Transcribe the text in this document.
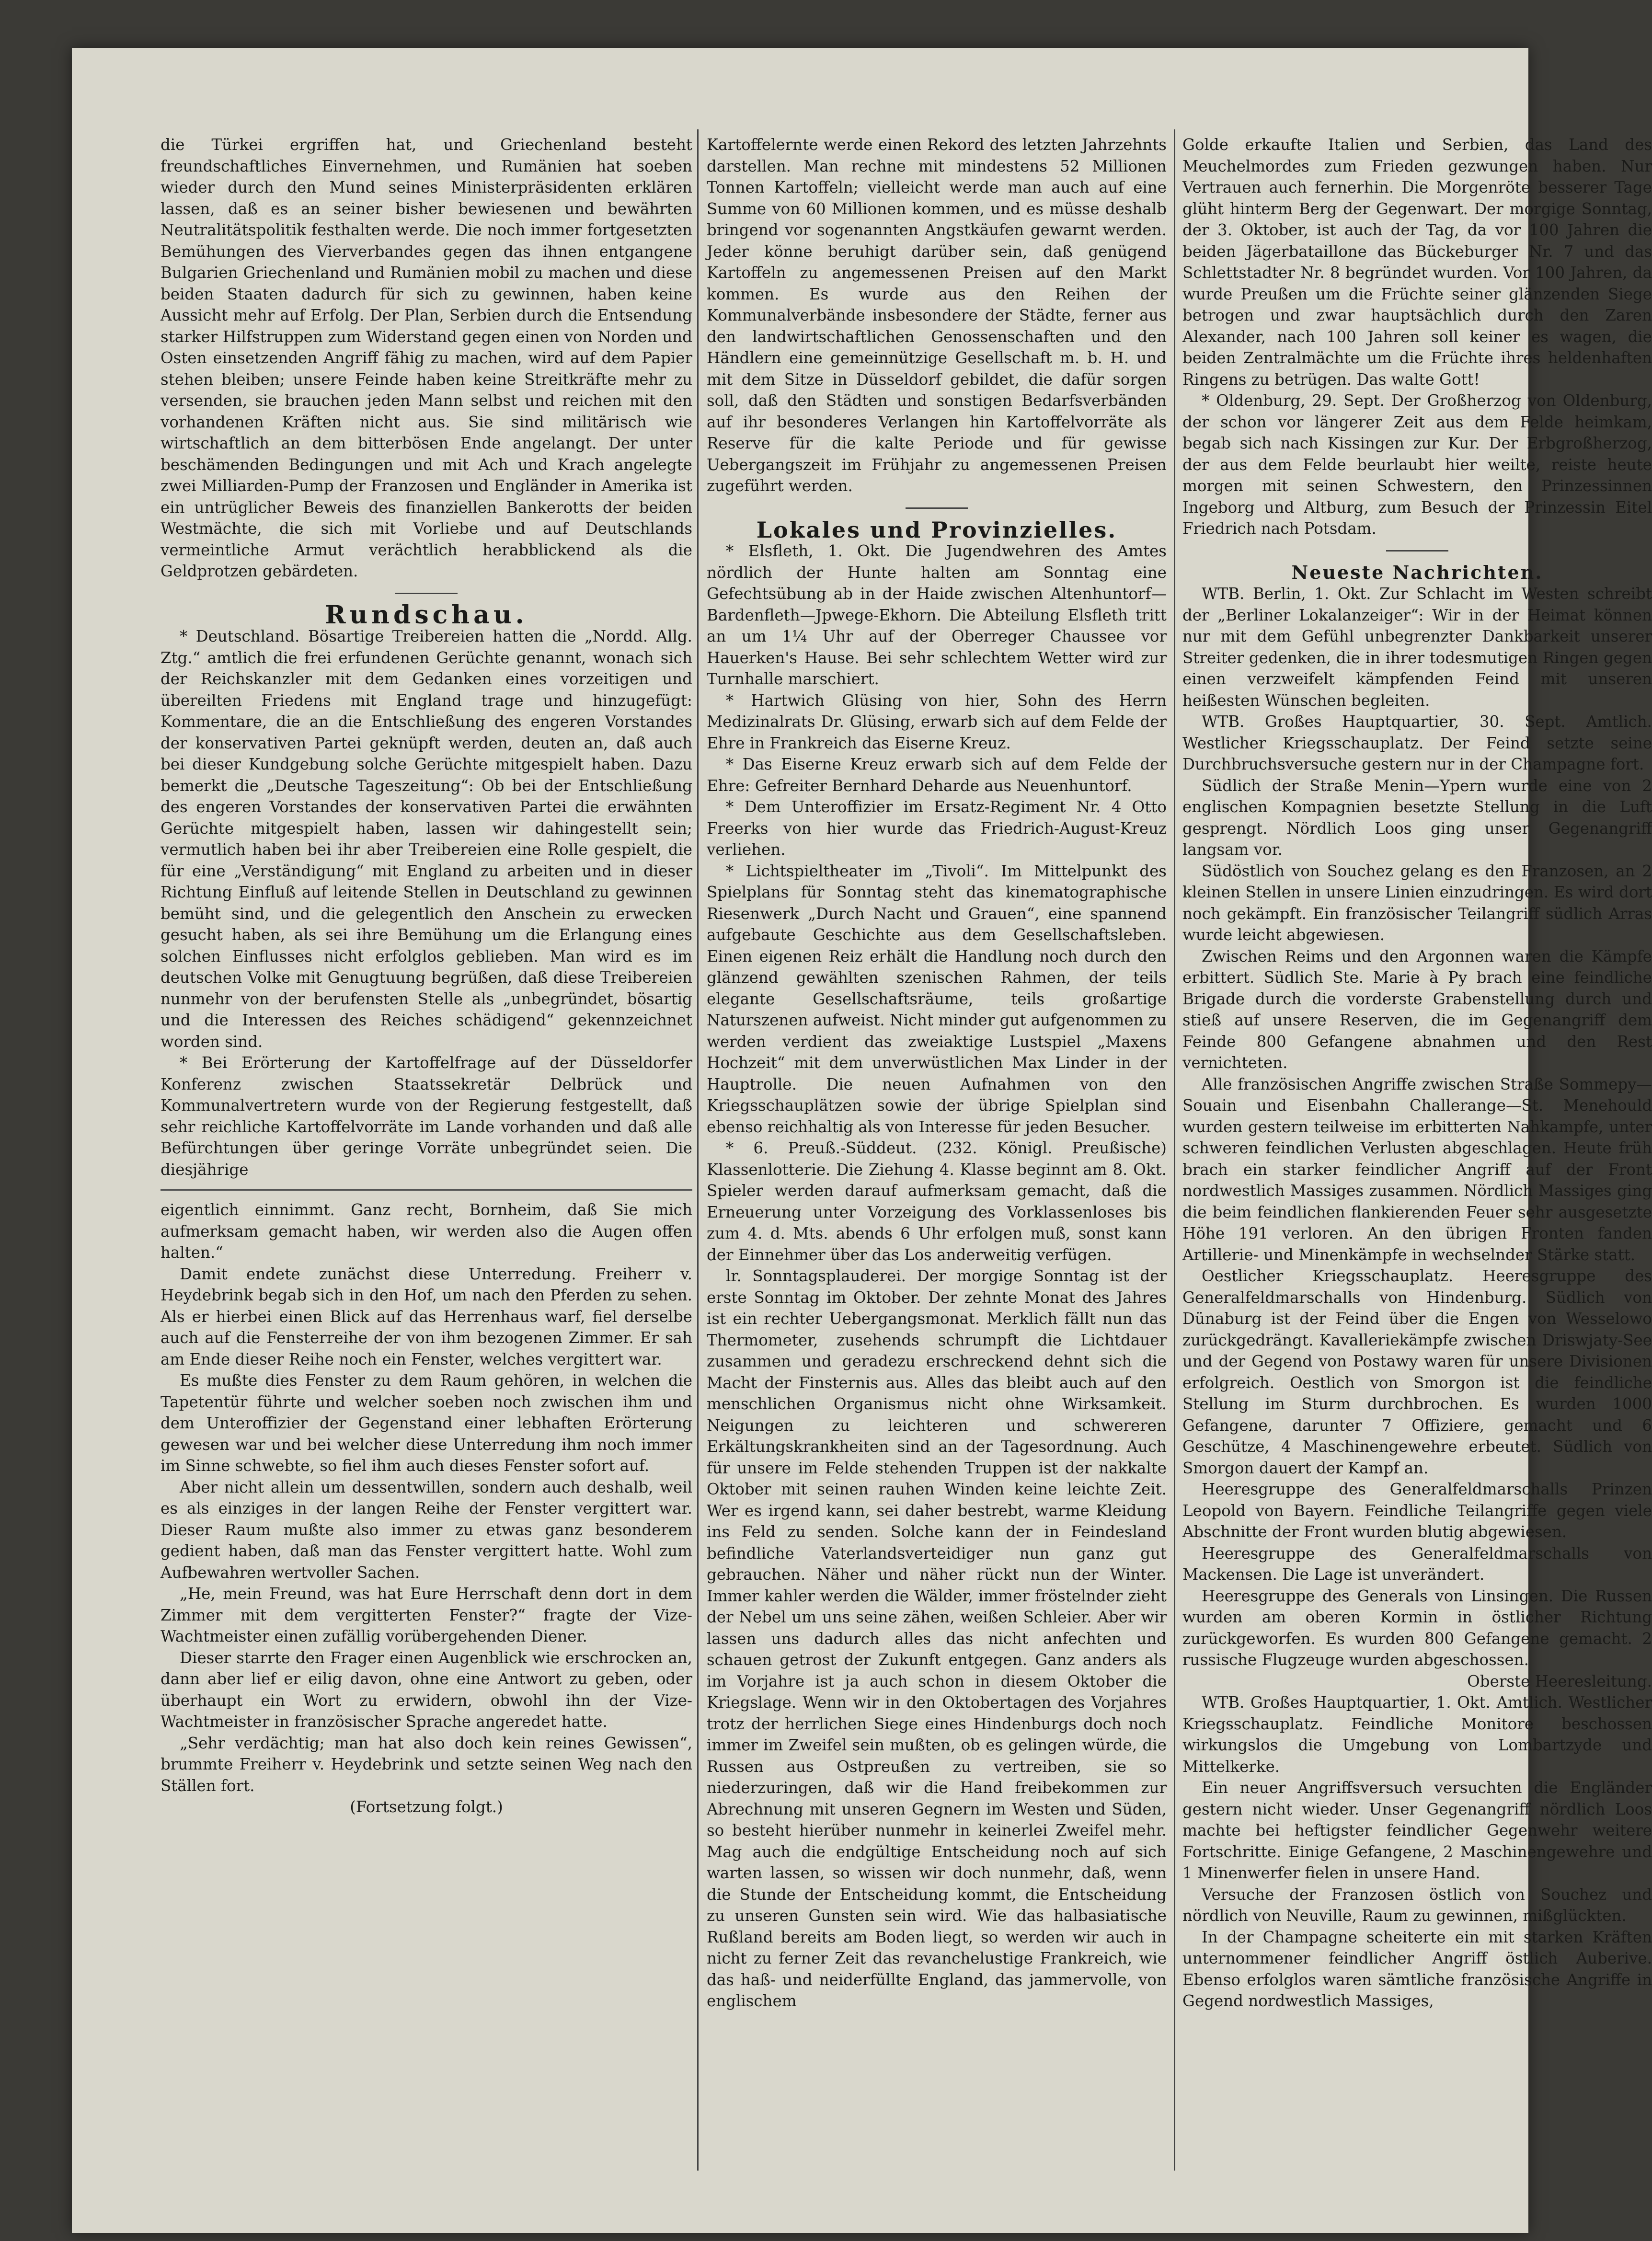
die Türkei ergriffen hat, und Griechenland besteht freundschaftliches Einvernehmen, und Rumänien hat soeben wieder durch den Mund seines Ministerpräsidenten erklären lassen, daß es an seiner bisher bewiesenen und bewährten Neutralitätspolitik festhalten werde. Die noch immer fortgesetzten Bemühungen des Vierverbandes gegen das ihnen entgangene Bulgarien Griechenland und Rumänien mobil zu machen und diese beiden Staaten dadurch für sich zu gewinnen, haben keine Aussicht mehr auf Erfolg. Der Plan, Serbien durch die Entsendung starker Hilfstruppen zum Widerstand gegen einen von Norden und Osten einsetzenden Angriff fähig zu machen, wird auf dem Papier stehen bleiben; unsere Feinde haben keine Streitkräfte mehr zu versenden, sie brauchen jeden Mann selbst und reichen mit den vorhandenen Kräften nicht aus. Sie sind militärisch wie wirtschaftlich an dem bitterbösen Ende angelangt. Der unter beschämenden Bedingungen und mit Ach und Krach angelegte zwei Milliarden-Pump der Franzosen und Engländer in Amerika ist ein untrüglicher Beweis des finanziellen Bankerotts der beiden Westmächte, die sich mit Vorliebe und auf Deutschlands vermeintliche Armut verächtlich herabblickend als die Geldprotzen gebärdeten.

Rundschau.

* Deutschland. Bösartige Treibereien hatten die „Nordd. Allg. Ztg.“ amtlich die frei erfundenen Gerüchte genannt, wonach sich der Reichskanzler mit dem Gedanken eines vorzeitigen und übereilten Friedens mit England trage und hinzugefügt: Kommentare, die an die Entschließung des engeren Vorstandes der konservativen Partei geknüpft werden, deuten an, daß auch bei dieser Kundgebung solche Gerüchte mitgespielt haben. Dazu bemerkt die „Deutsche Tageszeitung“: Ob bei der Entschließung des engeren Vorstandes der konservativen Partei die erwähnten Gerüchte mitgespielt haben, lassen wir dahingestellt sein; vermutlich haben bei ihr aber Treibereien eine Rolle gespielt, die für eine „Verständigung“ mit England zu arbeiten und in dieser Richtung Einfluß auf leitende Stellen in Deutschland zu gewinnen bemüht sind, und die gelegentlich den Anschein zu erwecken gesucht haben, als sei ihre Bemühung um die Erlangung eines solchen Einflusses nicht erfolglos geblieben. Man wird es im deutschen Volke mit Genugtuung begrüßen, daß diese Treibereien nunmehr von der berufensten Stelle als „unbegründet, bösartig und die Interessen des Reiches schädigend“ gekennzeichnet worden sind.

* Bei Erörterung der Kartoffelfrage auf der Düsseldorfer Konferenz zwischen Staatssekretär Delbrück und Kommunalvertretern wurde von der Regierung festgestellt, daß sehr reichliche Kartoffelvorräte im Lande vorhanden und daß alle Befürchtungen über geringe Vorräte unbegründet seien. Die diesjährige

eigentlich einnimmt. Ganz recht, Bornheim, daß Sie mich aufmerksam gemacht haben, wir werden also die Augen offen halten.“

Damit endete zunächst diese Unterredung. Freiherr v. Heydebrink begab sich in den Hof, um nach den Pferden zu sehen. Als er hierbei einen Blick auf das Herrenhaus warf, fiel derselbe auch auf die Fensterreihe der von ihm bezogenen Zimmer. Er sah am Ende dieser Reihe noch ein Fenster, welches vergittert war.

Es mußte dies Fenster zu dem Raum gehören, in welchen die Tapetentür führte und welcher soeben noch zwischen ihm und dem Unteroffizier der Gegenstand einer lebhaften Erörterung gewesen war und bei welcher diese Unterredung ihm noch immer im Sinne schwebte, so fiel ihm auch dieses Fenster sofort auf.

Aber nicht allein um dessentwillen, sondern auch deshalb, weil es als einziges in der langen Reihe der Fenster vergittert war. Dieser Raum mußte also immer zu etwas ganz besonderem gedient haben, daß man das Fenster vergittert hatte. Wohl zum Aufbewahren wertvoller Sachen.

„He, mein Freund, was hat Eure Herrschaft denn dort in dem Zimmer mit dem vergitterten Fenster?“ fragte der Vize-Wachtmeister einen zufällig vorübergehenden Diener.

Dieser starrte den Frager einen Augenblick wie erschrocken an, dann aber lief er eilig davon, ohne eine Antwort zu geben, oder überhaupt ein Wort zu erwidern, obwohl ihn der Vize-Wachtmeister in französischer Sprache angeredet hatte.

„Sehr verdächtig; man hat also doch kein reines Gewissen“, brummte Freiherr v. Heydebrink und setzte seinen Weg nach den Ställen fort.

(Fortsetzung folgt.)

Kartoffelernte werde einen Rekord des letzten Jahrzehnts darstellen. Man rechne mit mindestens 52 Millionen Tonnen Kartoffeln; vielleicht werde man auch auf eine Summe von 60 Millionen kommen, und es müsse deshalb bringend vor sogenannten Angstkäufen gewarnt werden. Jeder könne beruhigt darüber sein, daß genügend Kartoffeln zu angemessenen Preisen auf den Markt kommen. Es wurde aus den Reihen der Kommunalverbände insbesondere der Städte, ferner aus den landwirtschaftlichen Genossenschaften und den Händlern eine gemeinnützige Gesellschaft m. b. H. und mit dem Sitze in Düsseldorf gebildet, die dafür sorgen soll, daß den Städten und sonstigen Bedarfsverbänden auf ihr besonderes Verlangen hin Kartoffelvorräte als Reserve für die kalte Periode und für gewisse Uebergangszeit im Frühjahr zu angemessenen Preisen zugeführt werden.

Lokales und Provinzielles.

* Elsfleth, 1. Okt. Die Jugendwehren des Amtes nördlich der Hunte halten am Sonntag eine Gefechtsübung ab in der Haide zwischen Altenhuntorf—Bardenfleth—Jpwege-Ekhorn. Die Abteilung Elsfleth tritt an um 1¼ Uhr auf der Oberreger Chaussee vor Hauerken's Hause. Bei sehr schlechtem Wetter wird zur Turnhalle marschiert.

* Hartwich Glüsing von hier, Sohn des Herrn Medizinalrats Dr. Glüsing, erwarb sich auf dem Felde der Ehre in Frankreich das Eiserne Kreuz.

* Das Eiserne Kreuz erwarb sich auf dem Felde der Ehre: Gefreiter Bernhard Deharde aus Neuenhuntorf.

* Dem Unteroffizier im Ersatz-Regiment Nr. 4 Otto Freerks von hier wurde das Friedrich-August-Kreuz verliehen.

* Lichtspieltheater im „Tivoli“. Im Mittelpunkt des Spielplans für Sonntag steht das kinematographische Riesenwerk „Durch Nacht und Grauen“, eine spannend aufgebaute Geschichte aus dem Gesellschaftsleben. Einen eigenen Reiz erhält die Handlung noch durch den glänzend gewählten szenischen Rahmen, der teils elegante Gesellschaftsräume, teils großartige Naturszenen aufweist. Nicht minder gut aufgenommen zu werden verdient das zweiaktige Lustspiel „Maxens Hochzeit“ mit dem unverwüstlichen Max Linder in der Hauptrolle. Die neuen Aufnahmen von den Kriegsschauplätzen sowie der übrige Spielplan sind ebenso reichhaltig als von Interesse für jeden Besucher.

* 6. Preuß.-Süddeut. (232. Königl. Preußische) Klassenlotterie. Die Ziehung 4. Klasse beginnt am 8. Okt. Spieler werden darauf aufmerksam gemacht, daß die Erneuerung unter Vorzeigung des Vorklassenloses bis zum 4. d. Mts. abends 6 Uhr erfolgen muß, sonst kann der Einnehmer über das Los anderweitig verfügen.

lr. Sonntagsplauderei. Der morgige Sonntag ist der erste Sonntag im Oktober. Der zehnte Monat des Jahres ist ein rechter Uebergangsmonat. Merklich fällt nun das Thermometer, zusehends schrumpft die Lichtdauer zusammen und geradezu erschreckend dehnt sich die Macht der Finsternis aus. Alles das bleibt auch auf den menschlichen Organismus nicht ohne Wirksamkeit. Neigungen zu leichteren und schwereren Erkältungskrankheiten sind an der Tagesordnung. Auch für unsere im Felde stehenden Truppen ist der nakkalte Oktober mit seinen rauhen Winden keine leichte Zeit. Wer es irgend kann, sei daher bestrebt, warme Kleidung ins Feld zu senden. Solche kann der in Feindesland befindliche Vaterlandsverteidiger nun ganz gut gebrauchen. Näher und näher rückt nun der Winter. Immer kahler werden die Wälder, immer fröstelnder zieht der Nebel um uns seine zähen, weißen Schleier. Aber wir lassen uns dadurch alles das nicht anfechten und schauen getrost der Zukunft entgegen. Ganz anders als im Vorjahre ist ja auch schon in diesem Oktober die Kriegslage. Wenn wir in den Oktobertagen des Vorjahres trotz der herrlichen Siege eines Hindenburgs doch noch immer im Zweifel sein mußten, ob es gelingen würde, die Russen aus Ostpreußen zu vertreiben, sie so niederzuringen, daß wir die Hand freibekommen zur Abrechnung mit unseren Gegnern im Westen und Süden, so besteht hierüber nunmehr in keinerlei Zweifel mehr. Mag auch die endgültige Entscheidung noch auf sich warten lassen, so wissen wir doch nunmehr, daß, wenn die Stunde der Entscheidung kommt, die Entscheidung zu unseren Gunsten sein wird. Wie das halbasiatische Rußland bereits am Boden liegt, so werden wir auch in nicht zu ferner Zeit das revanchelustige Frankreich, wie das haß- und neiderfüllte England, das jammervolle, von englischem

Golde erkaufte Italien und Serbien, das Land des Meuchelmordes zum Frieden gezwungen haben. Nur Vertrauen auch fernerhin. Die Morgenröte besserer Tage glüht hinterm Berg der Gegenwart. Der morgige Sonntag, der 3. Oktober, ist auch der Tag, da vor 100 Jahren die beiden Jägerbataillone das Bückeburger Nr. 7 und das Schlettstadter Nr. 8 begründet wurden. Vor 100 Jahren, da wurde Preußen um die Früchte seiner glänzenden Siege betrogen und zwar hauptsächlich durch den Zaren Alexander, nach 100 Jahren soll keiner es wagen, die beiden Zentralmächte um die Früchte ihres heldenhaften Ringens zu betrügen. Das walte Gott!

* Oldenburg, 29. Sept. Der Großherzog von Oldenburg, der schon vor längerer Zeit aus dem Felde heimkam, begab sich nach Kissingen zur Kur. Der Erbgroßherzog, der aus dem Felde beurlaubt hier weilte, reiste heute morgen mit seinen Schwestern, den Prinzessinnen Ingeborg und Altburg, zum Besuch der Prinzessin Eitel Friedrich nach Potsdam.

Neueste Nachrichten.

WTB. Berlin, 1. Okt. Zur Schlacht im Westen schreibt der „Berliner Lokalanzeiger“: Wir in der Heimat können nur mit dem Gefühl unbegrenzter Dankbarkeit unserer Streiter gedenken, die in ihrer todesmutigen Ringen gegen einen verzweifelt kämpfenden Feind mit unseren heißesten Wünschen begleiten.

WTB. Großes Hauptquartier, 30. Sept. Amtlich. Westlicher Kriegsschauplatz. Der Feind setzte seine Durchbruchsversuche gestern nur in der Champagne fort.

Südlich der Straße Menin—Ypern wurde eine von 2 englischen Kompagnien besetzte Stellung in die Luft gesprengt. Nördlich Loos ging unser Gegenangriff langsam vor.

Südöstlich von Souchez gelang es den Franzosen, an 2 kleinen Stellen in unsere Linien einzudringen. Es wird dort noch gekämpft. Ein französischer Teilangriff südlich Arras wurde leicht abgewiesen.

Zwischen Reims und den Argonnen waren die Kämpfe erbittert. Südlich Ste. Marie à Py brach eine feindliche Brigade durch die vorderste Grabenstellung durch und stieß auf unsere Reserven, die im Gegenangriff dem Feinde 800 Gefangene abnahmen und den Rest vernichteten.

Alle französischen Angriffe zwischen Straße Sommepy—Souain und Eisenbahn Challerange—St. Menehould wurden gestern teilweise im erbitterten Nahkampfe, unter schweren feindlichen Verlusten abgeschlagen. Heute früh brach ein starker feindlicher Angriff auf der Front nordwestlich Massiges zusammen. Nördlich Massiges ging die beim feindlichen flankierenden Feuer sehr ausgesetzte Höhe 191 verloren. An den übrigen Fronten fanden Artillerie- und Minenkämpfe in wechselnder Stärke statt.

Oestlicher Kriegsschauplatz. Heeresgruppe des Generalfeldmarschalls von Hindenburg. Südlich von Dünaburg ist der Feind über die Engen von Wesselowo zurückgedrängt. Kavalleriekämpfe zwischen Driswjaty-See und der Gegend von Postawy waren für unsere Divisionen erfolgreich. Oestlich von Smorgon ist die feindliche Stellung im Sturm durchbrochen. Es wurden 1000 Gefangene, darunter 7 Offiziere, gemacht und 6 Geschütze, 4 Maschinengewehre erbeutet. Südlich von Smorgon dauert der Kampf an.

Heeresgruppe des Generalfeldmarschalls Prinzen Leopold von Bayern. Feindliche Teilangriffe gegen viele Abschnitte der Front wurden blutig abgewiesen.

Heeresgruppe des Generalfeldmarschalls von Mackensen. Die Lage ist unverändert.

Heeresgruppe des Generals von Linsingen. Die Russen wurden am oberen Kormin in östlicher Richtung zurückgeworfen. Es wurden 800 Gefangene gemacht. 2 russische Flugzeuge wurden abgeschossen.

Oberste Heeresleitung.

WTB. Großes Hauptquartier, 1. Okt. Amtlich. Westlicher Kriegsschauplatz. Feindliche Monitore beschossen wirkungslos die Umgebung von Lombartzyde und Mittelkerke.

Ein neuer Angriffsversuch versuchten die Engländer gestern nicht wieder. Unser Gegenangriff nördlich Loos machte bei heftigster feindlicher Gegenwehr weitere Fortschritte. Einige Gefangene, 2 Maschinengewehre und 1 Minenwerfer fielen in unsere Hand.

Versuche der Franzosen östlich von Souchez und nördlich von Neuville, Raum zu gewinnen, mißglückten.

In der Champagne scheiterte ein mit starken Kräften unternommener feindlicher Angriff östlich Auberive. Ebenso erfolglos waren sämtliche französische Angriffe in Gegend nordwestlich Massiges,
